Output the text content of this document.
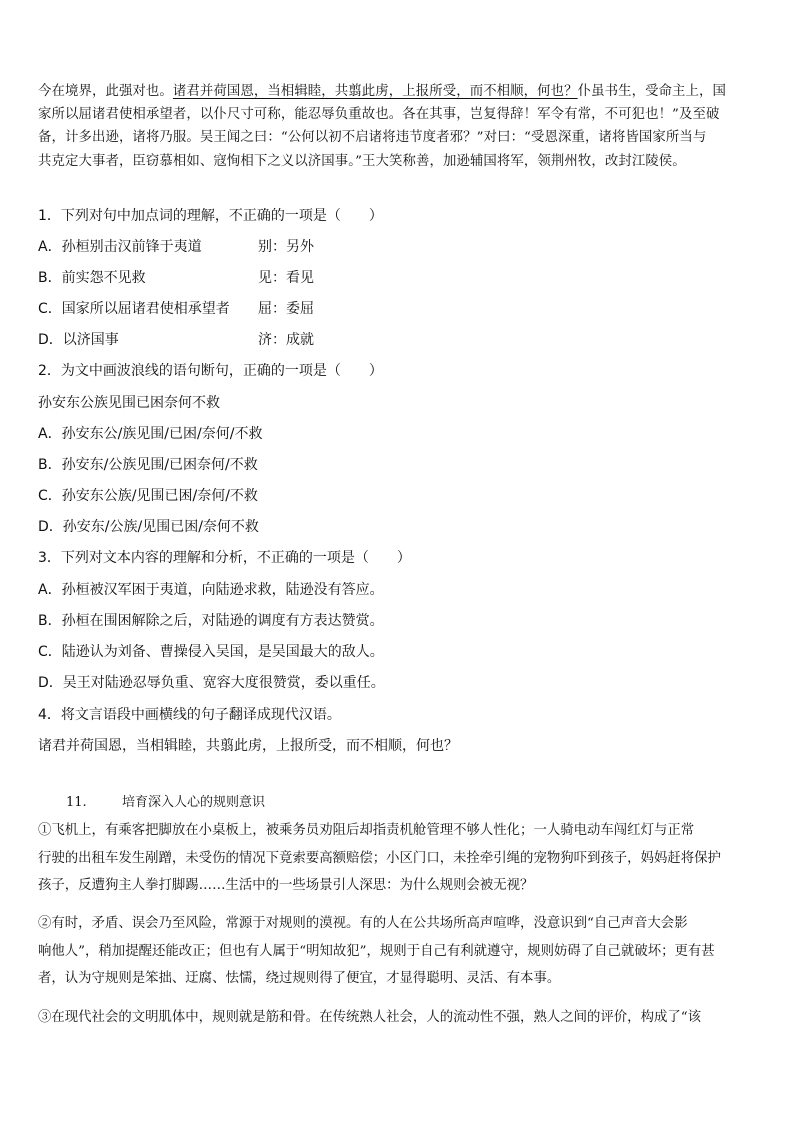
今在境界，此强对也。诸君并荷国恩，当相辑睦，共翦此虏，上报所受，而不相顺，何也？仆虽书生，受命主上，国
家所以屈诸君使相承望者，以仆尺寸可称，能忍辱负重故也。各在其事，岂复得辞！军令有常，不可犯也！”及至破
备，计多出逊，诸将乃服。吴王闻之曰：“公何以初不启诸将违节度者邪？”对曰：“受恩深重，诸将皆国家所当与
共克定大事者，臣窃慕相如、寇恂相下之义以济国事。”王大笑称善，加逊辅国将军，领荆州牧，改封江陵侯。
1．下列对句中加点词的理解，不正确的一项是（　　）
A．孙桓别击汉前锋于夷道	别：另外
B．前实怨不见救	见：看见
C．国家所以屈诸君使相承望者 屈：委屈
D．以济国事	济：成就
2．为文中画波浪线的语句断句，正确的一项是（　　）
孙安东公族见围已困奈何不救
A．孙安东公/族见围/已困/奈何/不救
B．孙安东/公族见围/已困奈何/不救
C．孙安东公族/见围已困/奈何/不救
D．孙安东/公族/见围已困/奈何不救
3．下列对文本内容的理解和分析，不正确的一项是（　　）
A．孙桓被汉军困于夷道，向陆逊求救，陆逊没有答应。
B．孙桓在围困解除之后，对陆逊的调度有方表达赞赏。
C．陆逊认为刘备、曹操侵入吴国，是吴国最大的敌人。
D．吴王对陆逊忍辱负重、宽容大度很赞赏，委以重任。
4．将文言语段中画横线的句子翻译成现代汉语。
诸君并荷国恩，当相辑睦，共翦此虏，上报所受，而不相顺，何也？
11.	培育深入人心的规则意识
①飞机上，有乘客把脚放在小桌板上，被乘务员劝阻后却指责机舱管理不够人性化；一人骑电动车闯红灯与正常
行驶的出租车发生剐蹭，未受伤的情况下竟索要高额赔偿；小区门口，未拴牵引绳的宠物狗吓到孩子，妈妈赶将保护
孩子，反遭狗主人拳打脚踢……生活中的一些场景引人深思：为什么规则会被无视？
②有时，矛盾、误会乃至风险，常源于对规则的漠视。有的人在公共场所高声喧哗，没意识到“自己声音大会影
响他人”，稍加提醒还能改正；但也有人属于“明知故犯”，规则于自己有利就遵守，规则妨碍了自己就破坏；更有甚
者，认为守规则是笨拙、迂腐、怯懦，绕过规则得了便宜，才显得聪明、灵活、有本事。
③在现代社会的文明肌体中，规则就是筋和骨。在传统熟人社会，人的流动性不强，熟人之间的评价，构成了“该
